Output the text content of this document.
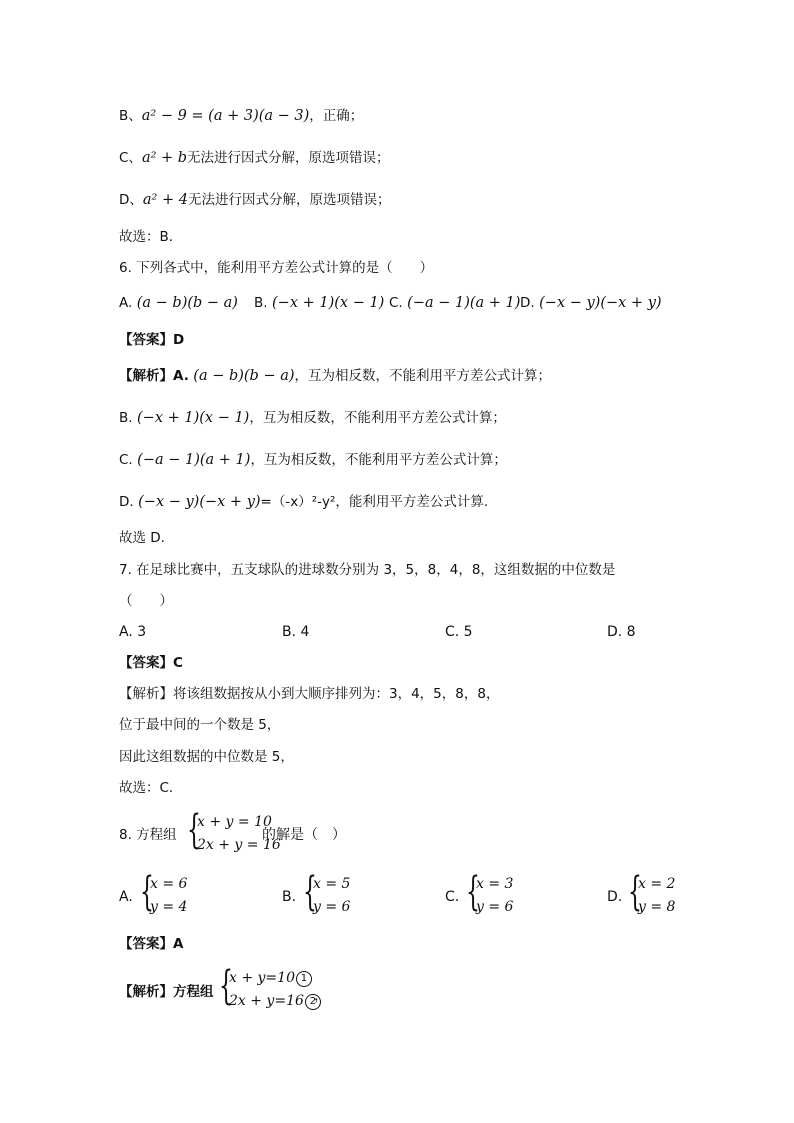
B、a² − 9 = (a + 3)(a − 3)，正确；
C、a² + b无法进行因式分解，原选项错误；
D、a² + 4无法进行因式分解，原选项错误；
故选：B．
6. 下列各式中，能利用平方差公式计算的是（　　）
A. (a − b)(b − a) B. (−x + 1)(x − 1) C. (−a − 1)(a + 1) D. (−x − y)(−x + y)
【答案】D
【解析】A. (a − b)(b − a)，互为相反数，不能利用平方差公式计算；
B. (−x + 1)(x − 1)，互为相反数，不能利用平方差公式计算；
C. (−a − 1)(a + 1)，互为相反数，不能利用平方差公式计算；
D. (−x − y)(−x + y)=（-x）²-y²，能利用平方差公式计算.
故选 D.
7. 在足球比赛中，五支球队的进球数分别为 3，5，8，4，8，这组数据的中位数是
（　　）
A. 3	B. 4	C. 5	D. 8
【答案】C
【解析】将该组数据按从小到大顺序排列为：3，4，5，8，8，
位于最中间的一个数是 5，
因此这组数据的中位数是 5，
故选：C．
8. 方程组 {
x + y = 10
2x + y = 16
的解是（　）
A. {
x = 6
y = 4
B. {
x = 5
y = 6
C. {
x = 3
y = 6
D. {
x = 2
y = 8
【答案】A
【解析】方程组 {
x + y=10 1
2x + y=16 2
，
